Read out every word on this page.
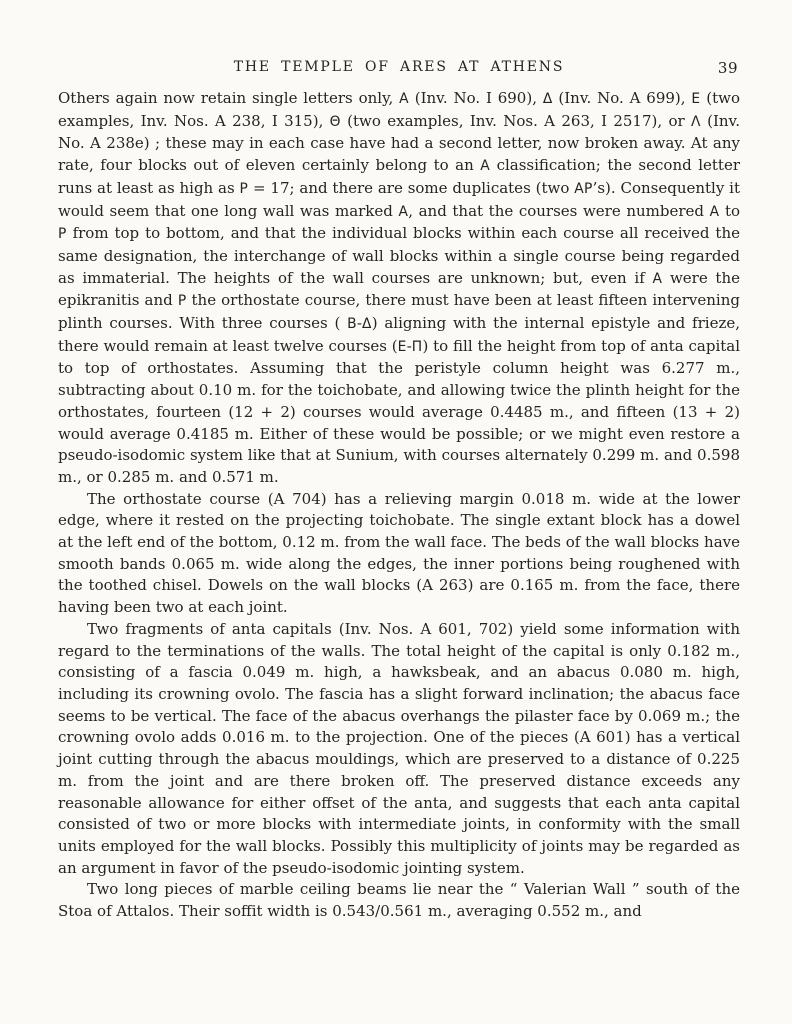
THE TEMPLE OF ARES AT ATHENS	39

Others again now retain single letters only, Α (Inv. No. I 690), Δ (Inv. No. A 699), Ε (two examples, Inv. Nos. A 238, I 315), Θ (two examples, Inv. Nos. A 263, I 2517), or Λ (Inv. No. A 238e) ; these may in each case have had a second letter, now broken away. At any rate, four blocks out of eleven certainly belong to an Α classification; the second letter runs at least as high as Ρ = 17; and there are some duplicates (two ΑΡ’s). Consequently it would seem that one long wall was marked Α, and that the courses were numbered Α to Ρ from top to bottom, and that the individual blocks within each course all received the same designation, the interchange of wall blocks within a single course being regarded as immaterial. The heights of the wall courses are unknown; but, even if Α were the epikranitis and Ρ the orthostate course, there must have been at least fifteen intervening plinth courses. With three courses ( Β-Δ) aligning with the internal epistyle and frieze, there would remain at least twelve courses (Ε-Π) to fill the height from top of anta capital to top of orthostates. Assuming that the peristyle column height was 6.277 m., subtracting about 0.10 m. for the toichobate, and allowing twice the plinth height for the orthostates, fourteen (12 + 2) courses would average 0.4485 m., and fifteen (13 + 2) would average 0.4185 m. Either of these would be possible; or we might even restore a pseudo-isodomic system like that at Sunium, with courses alternately 0.299 m. and 0.598 m., or 0.285 m. and 0.571 m.

The orthostate course (A 704) has a relieving margin 0.018 m. wide at the lower edge, where it rested on the projecting toichobate. The single extant block has a dowel at the left end of the bottom, 0.12 m. from the wall face. The beds of the wall blocks have smooth bands 0.065 m. wide along the edges, the inner portions being roughened with the toothed chisel. Dowels on the wall blocks (A 263) are 0.165 m. from the face, there having been two at each joint.

Two fragments of anta capitals (Inv. Nos. A 601, 702) yield some information with regard to the terminations of the walls. The total height of the capital is only 0.182 m., consisting of a fascia 0.049 m. high, a hawksbeak, and an abacus 0.080 m. high, including its crowning ovolo. The fascia has a slight forward inclination; the abacus face seems to be vertical. The face of the abacus overhangs the pilaster face by 0.069 m.; the crowning ovolo adds 0.016 m. to the projection. One of the pieces (A 601) has a vertical joint cutting through the abacus mouldings, which are preserved to a distance of 0.225 m. from the joint and are there broken off. The preserved distance exceeds any reasonable allowance for either offset of the anta, and suggests that each anta capital consisted of two or more blocks with intermediate joints, in conformity with the small units employed for the wall blocks. Possibly this multiplicity of joints may be regarded as an argument in favor of the pseudo-isodomic jointing system.

Two long pieces of marble ceiling beams lie near the “ Valerian Wall ” south of the Stoa of Attalos. Their soffit width is 0.543/0.561 m., averaging 0.552 m., and
